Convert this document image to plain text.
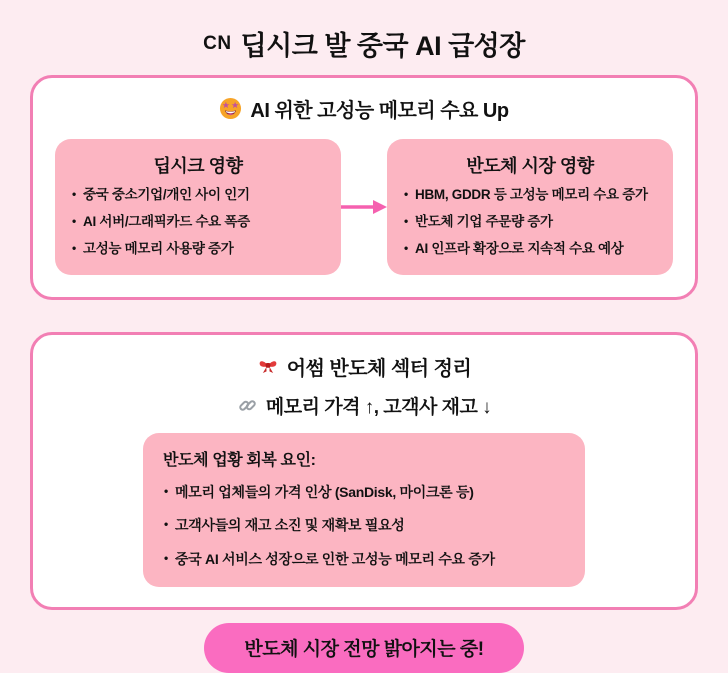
CN 딥시크 발 중국 AI 급성장
AI 위한 고성능 메모리 수요 Up
딥시크 영향
• 중국 중소기업/개인 사이 인기
• AI 서버/그래픽카드 수요 폭증
• 고성능 메모리 사용량 증가
반도체 시장 영향
• HBM, GDDR 등 고성능 메모리 수요 증가
• 반도체 기업 주문량 증가
• AI 인프라 확장으로 지속적 수요 예상
어썸 반도체 섹터 정리
메모리 가격 ↑, 고객사 재고 ↓
반도체 업황 회복 요인:
• 메모리 업체들의 가격 인상 (SanDisk, 마이크론 등)
• 고객사들의 재고 소진 및 재확보 필요성
• 중국 AI 서비스 성장으로 인한 고성능 메모리 수요 증가
반도체 시장 전망 밝아지는 중!
